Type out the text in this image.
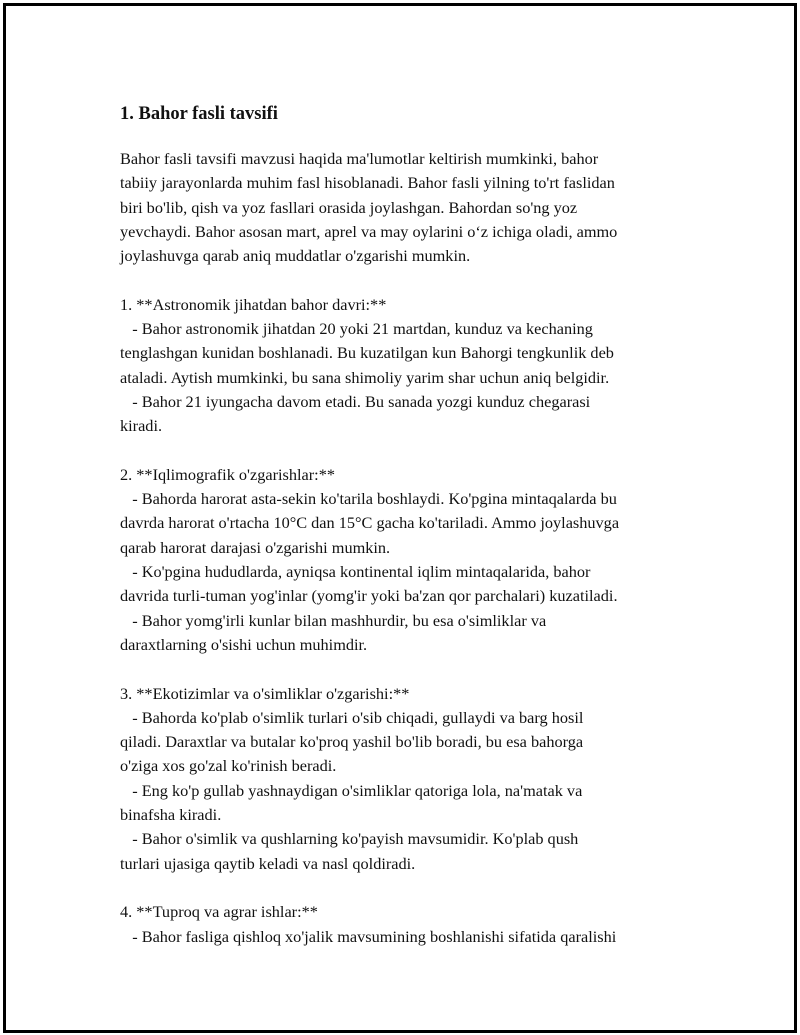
1. Bahor fasli tavsifi

Bahor fasli tavsifi mavzusi haqida ma'lumotlar keltirish mumkinki, bahor

tabiiy jarayonlarda muhim fasl hisoblanadi. Bahor fasli yilning to'rt faslidan

biri bo'lib, qish va yoz fasllari orasida joylashgan. Bahordan so'ng yoz

yevchaydi. Bahor asosan mart, aprel va may oylarini o‘z ichiga oladi, ammo

joylashuvga qarab aniq muddatlar o'zgarishi mumkin.

1. **Astronomik jihatdan bahor davri:**

- Bahor astronomik jihatdan 20 yoki 21 martdan, kunduz va kechaning

tenglashgan kunidan boshlanadi. Bu kuzatilgan kun Bahorgi tengkunlik deb

ataladi. Aytish mumkinki, bu sana shimoliy yarim shar uchun aniq belgidir.

- Bahor 21 iyungacha davom etadi. Bu sanada yozgi kunduz chegarasi

kiradi.

2. **Iqlimografik o'zgarishlar:**

- Bahorda harorat asta-sekin ko'tarila boshlaydi. Ko'pgina mintaqalarda bu

davrda harorat o'rtacha 10°C dan 15°C gacha ko'tariladi. Ammo joylashuvga

qarab harorat darajasi o'zgarishi mumkin.

- Ko'pgina hududlarda, ayniqsa kontinental iqlim mintaqalarida, bahor

davrida turli-tuman yog'inlar (yomg'ir yoki ba'zan qor parchalari) kuzatiladi.

- Bahor yomg'irli kunlar bilan mashhurdir, bu esa o'simliklar va

daraxtlarning o'sishi uchun muhimdir.

3. **Ekotizimlar va o'simliklar o'zgarishi:**

- Bahorda ko'plab o'simlik turlari o'sib chiqadi, gullaydi va barg hosil

qiladi. Daraxtlar va butalar ko'proq yashil bo'lib boradi, bu esa bahorga

o'ziga xos go'zal ko'rinish beradi.

- Eng ko'p gullab yashnaydigan o'simliklar qatoriga lola, na'matak va

binafsha kiradi.

- Bahor o'simlik va qushlarning ko'payish mavsumidir. Ko'plab qush

turlari ujasiga qaytib keladi va nasl qoldiradi.

4. **Tuproq va agrar ishlar:**

- Bahor fasliga qishloq xo'jalik mavsumining boshlanishi sifatida qaralishi
